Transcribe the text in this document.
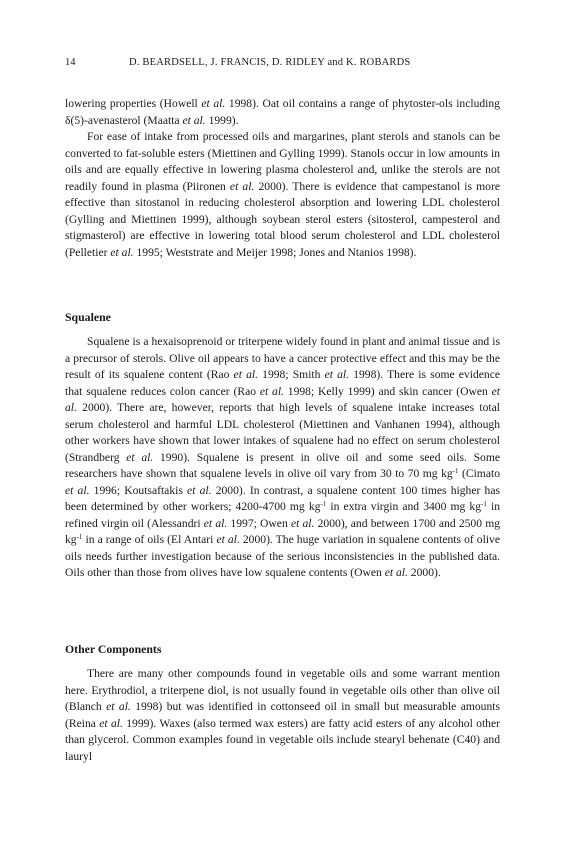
14	D. BEARDSELL, J. FRANCIS, D. RIDLEY and K. ROBARDS

lowering properties (Howell et al. 1998). Oat oil contains a range of phytoster-ols including δ(5)-avenasterol (Maatta et al. 1999).

For ease of intake from processed oils and margarines, plant sterols and stanols can be converted to fat-soluble esters (Miettinen and Gylling 1999). Stanols occur in low amounts in oils and are equally effective in lowering plasma cholesterol and, unlike the sterols are not readily found in plasma (Piironen et al. 2000). There is evidence that campestanol is more effective than sitostanol in reducing cholesterol absorption and lowering LDL cholesterol (Gylling and Miettinen 1999), although soybean sterol esters (sitosterol, campesterol and stigmasterol) are effective in lowering total blood serum cholesterol and LDL cholesterol (Pelletier et al. 1995; Weststrate and Meijer 1998; Jones and Ntanios 1998).

Squalene

Squalene is a hexaisoprenoid or triterpene widely found in plant and animal tissue and is a precursor of sterols. Olive oil appears to have a cancer protective effect and this may be the result of its squalene content (Rao et al. 1998; Smith et al. 1998). There is some evidence that squalene reduces colon cancer (Rao et al. 1998; Kelly 1999) and skin cancer (Owen et al. 2000). There are, however, reports that high levels of squalene intake increases total serum cholesterol and harmful LDL cholesterol (Miettinen and Vanhanen 1994), although other workers have shown that lower intakes of squalene had no effect on serum cholesterol (Strandberg et al. 1990). Squalene is present in olive oil and some seed oils. Some researchers have shown that squalene levels in olive oil vary from 30 to 70 mg $kg^{-1}$ (Cimato et al. 1996; Koutsaftakis et al. 2000). In contrast, a squalene content 100 times higher has been determined by other workers; 4200-4700 mg $kg^{-1}$ in extra virgin and 3400 mg $kg^{-1}$ in refined virgin oil (Alessandri et al. 1997; Owen et al. 2000), and between 1700 and 2500 mg $kg^{-1}$ in a range of oils (El Antari et al. 2000). The huge variation in squalene contents of olive oils needs further investigation because of the serious inconsistencies in the published data. Oils other than those from olives have low squalene contents (Owen et al. 2000).

Other Components

There are many other compounds found in vegetable oils and some warrant mention here. Erythrodiol, a triterpene diol, is not usually found in vegetable oils other than olive oil (Blanch et al. 1998) but was identified in cottonseed oil in small but measurable amounts (Reina et al. 1999). Waxes (also termed wax esters) are fatty acid esters of any alcohol other than glycerol. Common examples found in vegetable oils include stearyl behenate (C40) and lauryl
